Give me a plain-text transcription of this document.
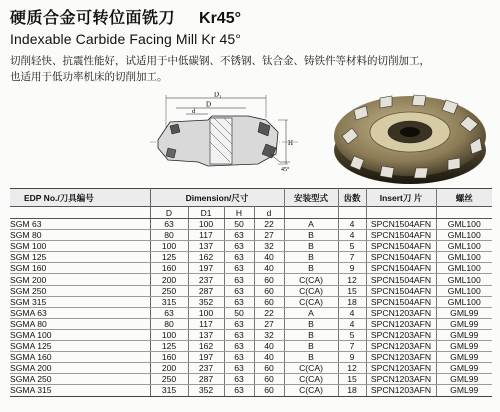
硬质合金可转位面铣刀 Kr45°
Indexable Carbide Facing Mill Kr 45°
切削轻快、抗震性能好，试适用于中低碳钢、不锈钢、钛合金、铸铁件等材料的切削加工，
也适用于低功率机床的切削加工。
D₁
D
d
H
45°
EDP No./刀具编号	Dimension/尺寸				安装型式	齿数	Insert刀 片	螺丝
	D	D1	H	d				
SGM 63	63	100	50	22	A	4	SPCN1504AFN	GML100
SGM 80	80	117	63	27	B	4	SPCN1504AFN	GML100
SGM 100	100	137	63	32	B	5	SPCN1504AFN	GML100
SGM 125	125	162	63	40	B	7	SPCN1504AFN	GML100
SGM 160	160	197	63	40	B	9	SPCN1504AFN	GML100
SGM 200	200	237	63	60	C(CA)	12	SPCN1504AFN	GML100
SGM 250	250	287	63	60	C(CA)	15	SPCN1504AFN	GML100
SGM 315	315	352	63	60	C(CA)	18	SPCN1504AFN	GML100
SGMA 63	63	100	50	22	A	4	SPCN1203AFN	GML99
SGMA 80	80	117	63	27	B	4	SPCN1203AFN	GML99
SGMA 100	100	137	63	32	B	5	SPCN1203AFN	GML99
SGMA 125	125	162	63	40	B	7	SPCN1203AFN	GML99
SGMA 160	160	197	63	40	B	9	SPCN1203AFN	GML99
SGMA 200	200	237	63	60	C(CA)	12	SPCN1203AFN	GML99
SGMA 250	250	287	63	60	C(CA)	15	SPCN1203AFN	GML99
SGMA 315	315	352	63	60	C(CA)	18	SPCN1203AFN	GML99
